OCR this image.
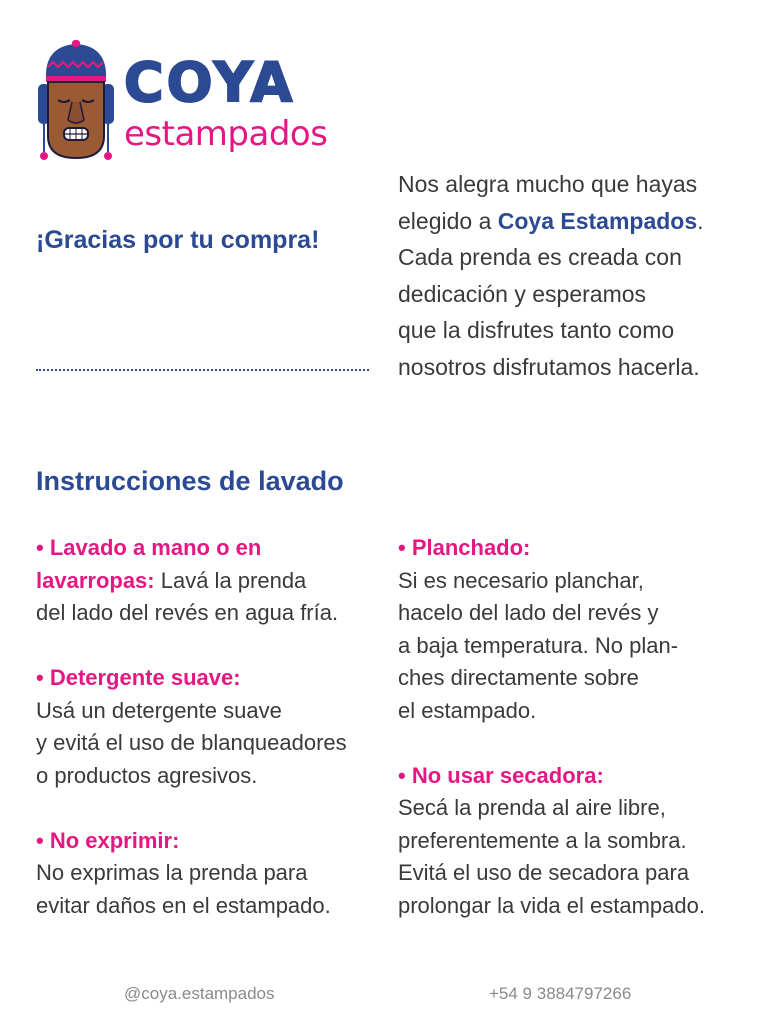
COYA
estampados
¡Gracias por tu compra!
Nos alegra mucho que hayas
elegido a Coya Estampados.
Cada prenda es creada con
dedicación y esperamos
que la disfrutes tanto como
nosotros disfrutamos hacerla.
Instrucciones de lavado
• Lavado a mano o en
lavarropas: Lavá la prenda
del lado del revés en agua fría.
• Detergente suave:
Usá un detergente suave
y evitá el uso de blanqueadores
o productos agresivos.
• No exprimir:
No exprimas la prenda para
evitar daños en el estampado.
• Planchado:
Si es necesario planchar,
hacelo del lado del revés y
a baja temperatura. No plan-
ches directamente sobre
el estampado.
• No usar secadora:
Secá la prenda al aire libre,
preferentemente a la sombra.
Evitá el uso de secadora para
prolongar la vida el estampado.
@coya.estampados	+54 9 3884797266
